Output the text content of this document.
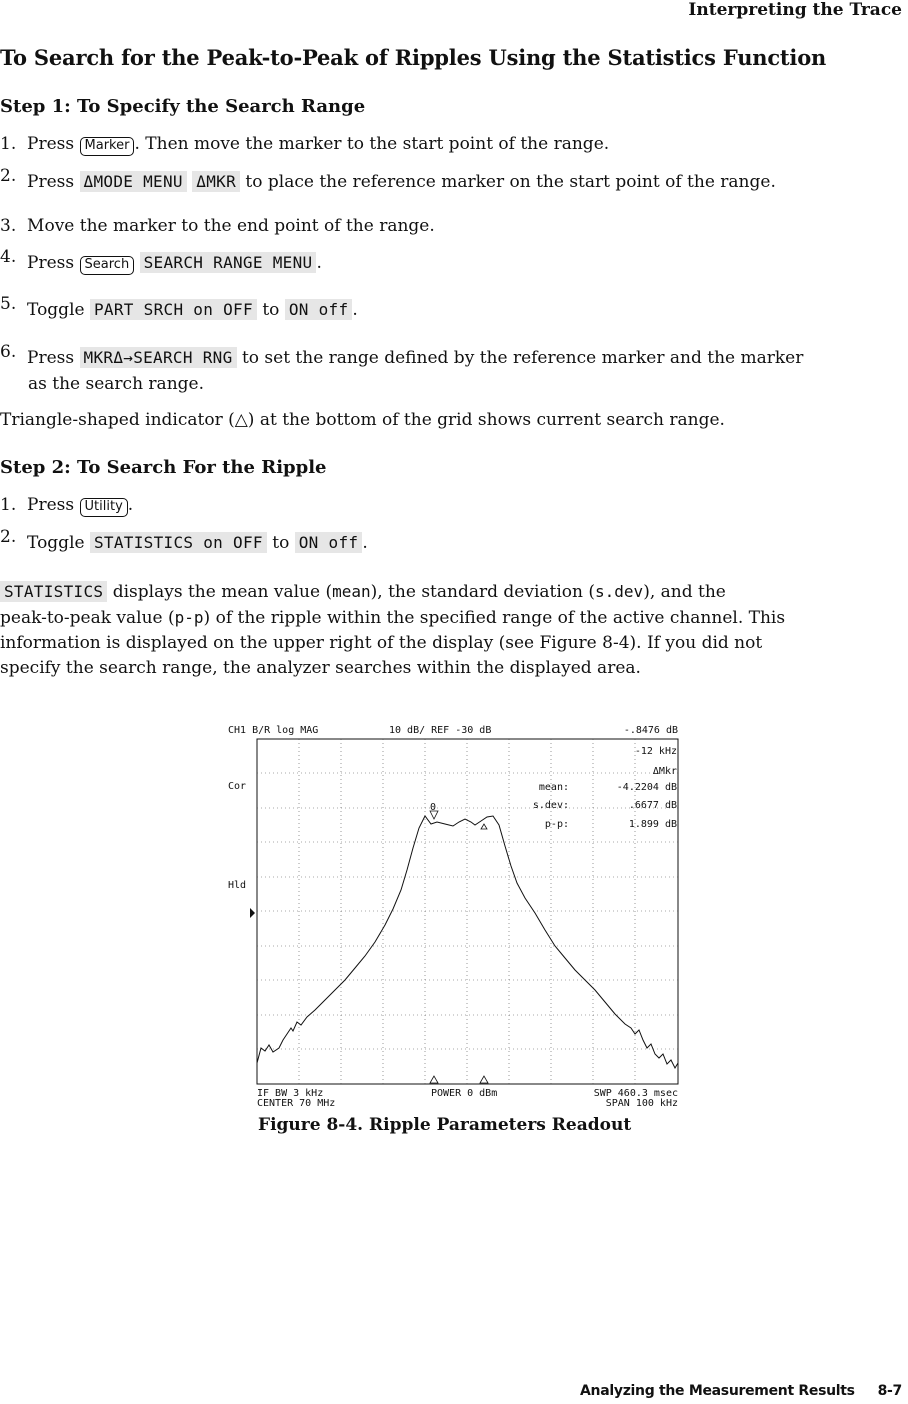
Interpreting the Trace
To Search for the Peak-to-Peak of Ripples Using the Statistics Function
Step 1: To Specify the Search Range
1. Press Marker . Then move the marker to the start point of the range.
2. Press ΔMODE MENU ΔMKR to place the reference marker on the start point of the range.
3. Move the marker to the end point of the range.
4. Press Search SEARCH RANGE MENU .
5. Toggle PART SRCH on OFF to ON off .
6. Press MKRΔ→SEARCH RNG to set the range defined by the reference marker and the marker
as the search range.
Triangle-shaped indicator (△) at the bottom of the grid shows current search range.
Step 2: To Search For the Ripple
1. Press Utility .
2. Toggle STATISTICS on OFF to ON off .
STATISTICS displays the mean value (mean), the standard deviation (s.dev), and the
peak-to-peak value (p-p) of the ripple within the specified range of the active channel. This
information is displayed on the upper right of the display (see Figure 8-4). If you did not
specify the search range, the analyzer searches within the displayed area.
0
CH1 B/R log MAG	10 dB/ REF -30 dB	-.8476 dB
-12 kHz
ΔMkr
mean:	-4.2204 dB
s.dev:	.6677 dB
p-p:	1.899 dB
Cor
Hld
IF BW 3 kHz
CENTER 70 MHz
POWER 0 dBm	SWP 460.3 msec
SPAN 100 kHz
Figure 8-4. Ripple Parameters Readout
Analyzing the Measurement Results 8-7
